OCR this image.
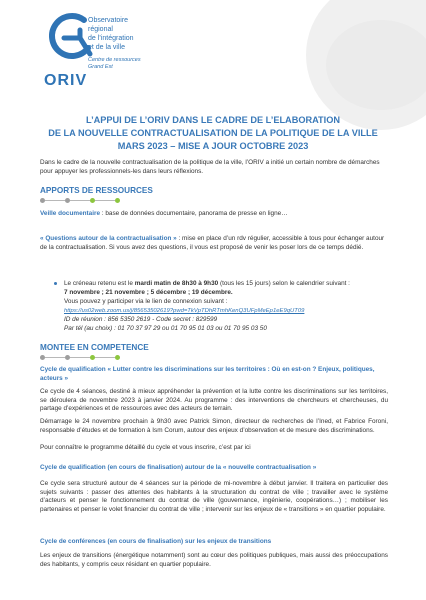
ORIV
Observatoire
régional
de l’intégration
et de la ville
Centre de ressources
Grand Est
L’APPUI DE L’ORIV DANS LE CADRE DE L’ELABORATION
DE LA NOUVELLE CONTRACTUALISATION DE LA POLITIQUE DE LA VILLE
MARS 2023 – MISE A JOUR OCTOBRE 2023
Dans le cadre de la nouvelle contractualisation de la politique de la ville, l’ORIV a initié un certain nombre de démarches pour appuyer les professionnels-les dans leurs réflexions.
APPORTS DE RESSOURCES
Veille documentaire : base de données documentaire, panorama de presse en ligne…
« Questions autour de la contractualisation » : mise en place d’un rdv régulier, accessible à tous pour échanger autour de la contractualisation. Si vous avez des questions, il vous est proposé de venir les poser lors de ce temps dédié.
Le créneau retenu est le mardi matin de 8h30 à 9h30 (tous les 15 jours) selon le calendrier suivant :
7 novembre ; 21 novembre ; 5 décembre ; 19 décembre.
Vous pouvez y participer via le lien de connexion suivant :
https://us02web.zoom.us/j/85653502619?pwd=TkVpTDhRTmhKenQ3UFpMeEp1eE9qUT09
ID de réunion : 856 5350 2619 - Code secret : 829599
Par tél (au choix) : 01 70 37 97 29 ou 01 70 95 01 03 ou 01 70 95 03 50
MONTEE EN COMPETENCE
Cycle de qualification « Lutter contre les discriminations sur les territoires : Où en est-on ? Enjeux, politiques, acteurs »
Ce cycle de 4 séances, destiné à mieux appréhender la prévention et la lutte contre les discriminations sur les territoires, se déroulera de novembre 2023 à janvier 2024. Au programme : des interventions de chercheurs et chercheuses, du partage d’expériences et de ressources avec des acteurs de terrain.
Démarrage le 24 novembre prochain à 9h30 avec Patrick Simon, directeur de recherches de l’Ined, et Fabrice Foroni, responsable d’études et de formation à Ism Corum, autour des enjeux d’observation et de mesure des discriminations.
Pour connaître le programme détaillé du cycle et vous inscrire, c’est par ici
Cycle de qualification (en cours de finalisation) autour de la « nouvelle contractualisation »
Ce cycle sera structuré autour de 4 séances sur la période de mi-novembre à début janvier. Il traitera en particulier des sujets suivants : passer des attentes des habitants à la structuration du contrat de ville ; travailler avec le système d’acteurs et penser le fonctionnement du contrat de ville (gouvernance, ingénierie, coopérations…) ; mobiliser les partenaires et penser le volet financier du contrat de ville ; intervenir sur les enjeux de « transitions » en quartier populaire.
Cycle de conférences (en cours de finalisation) sur les enjeux de transitions
Les enjeux de transitions (énergétique notamment) sont au cœur des politiques publiques, mais aussi des préoccupations des habitants, y compris ceux résidant en quartier populaire.
